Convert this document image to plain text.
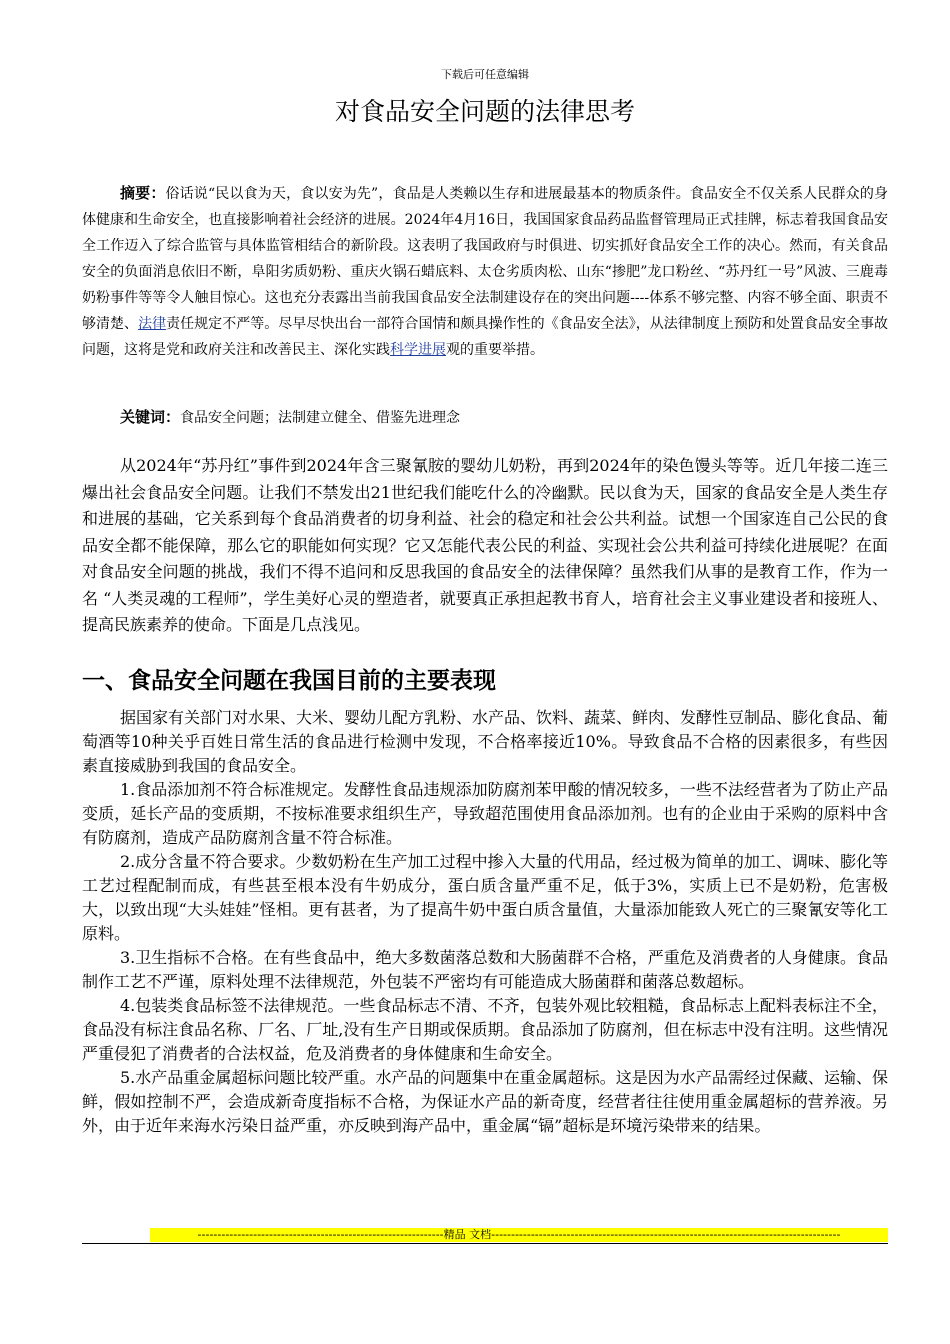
下载后可任意编辑
对食品安全问题的法律思考

摘要：俗话说“民以食为天，食以安为先”，食品是人类赖以生存和进展最基本的物质条件。食品安全不仅关系人民群众的身体健康和生命安全，也直接影响着社会经济的进展。2024年4月16日，我国国家食品药品监督管理局正式挂牌，标志着我国食品安全工作迈入了综合监管与具体监管相结合的新阶段。这表明了我国政府与时俱进、切实抓好食品安全工作的决心。然而，有关食品安全的负面消息依旧不断，阜阳劣质奶粉、重庆火锅石蜡底料、太仓劣质肉松、山东“掺肥”龙口粉丝、“苏丹红一号”风波、三鹿毒奶粉事件等等令人触目惊心。这也充分表露出当前我国食品安全法制建设存在的突出问题----体系不够完整、内容不够全面、职责不够清楚、法律责任规定不严等。尽早尽快出台一部符合国情和颇具操作性的《食品安全法》，从法律制度上预防和处置食品安全事故问题，这将是党和政府关注和改善民主、深化实践科学进展观的重要举措。

关键词：食品安全问题；法制建立健全、借鉴先进理念

从2024年“苏丹红”事件到2024年含三聚氰胺的婴幼儿奶粉，再到2024年的染色馒头等等。近几年接二连三爆出社会食品安全问题。让我们不禁发出21世纪我们能吃什么的冷幽默。民以食为天，国家的食品安全是人类生存和进展的基础，它关系到每个食品消费者的切身利益、社会的稳定和社会公共利益。试想一个国家连自己公民的食品安全都不能保障，那么它的职能如何实现？它又怎能代表公民的利益、实现社会公共利益可持续化进展呢？在面对食品安全问题的挑战，我们不得不追问和反思我国的食品安全的法律保障？虽然我们从事的是教育工作，作为一名 “人类灵魂的工程师”，学生美好心灵的塑造者，就要真正承担起教书育人，培育社会主义事业建设者和接班人、提高民族素养的使命。下面是几点浅见。

一、食品安全问题在我国目前的主要表现

据国家有关部门对水果、大米、婴幼儿配方乳粉、水产品、饮料、蔬菜、鲜肉、发酵性豆制品、膨化食品、葡萄酒等10种关乎百姓日常生活的食品进行检测中发现，不合格率接近10%。导致食品不合格的因素很多，有些因素直接威胁到我国的食品安全。

1.食品添加剂不符合标准规定。发酵性食品违规添加防腐剂苯甲酸的情况较多，一些不法经营者为了防止产品变质，延长产品的变质期，不按标准要求组织生产，导致超范围使用食品添加剂。也有的企业由于采购的原料中含有防腐剂，造成产品防腐剂含量不符合标准。

2.成分含量不符合要求。少数奶粉在生产加工过程中掺入大量的代用品，经过极为简单的加工、调味、膨化等工艺过程配制而成，有些甚至根本没有牛奶成分，蛋白质含量严重不足，低于3%，实质上已不是奶粉，危害极大，以致出现“大头娃娃”怪相。更有甚者，为了提高牛奶中蛋白质含量值，大量添加能致人死亡的三聚氰安等化工原料。

3.卫生指标不合格。在有些食品中，绝大多数菌落总数和大肠菌群不合格，严重危及消费者的人身健康。食品制作工艺不严谨，原料处理不法律规范，外包装不严密均有可能造成大肠菌群和菌落总数超标。

4.包装类食品标签不法律规范。一些食品标志不清、不齐，包装外观比较粗糙，食品标志上配料表标注不全，食品没有标注食品名称、厂名、厂址,没有生产日期或保质期。食品添加了防腐剂，但在标志中没有注明。这些情况严重侵犯了消费者的合法权益，危及消费者的身体健康和生命安全。

5.水产品重金属超标问题比较严重。水产品的问题集中在重金属超标。这是因为水产品需经过保藏、运输、保鲜，假如控制不严，会造成新奇度指标不合格，为保证水产品的新奇度，经营者往往使用重金属超标的营养液。另外，由于近年来海水污染日益严重，亦反映到海产品中，重金属“镉”超标是环境污染带来的结果。

--------------------------------------------------------------精品 文档----------------------------------------------------------------------------------------
